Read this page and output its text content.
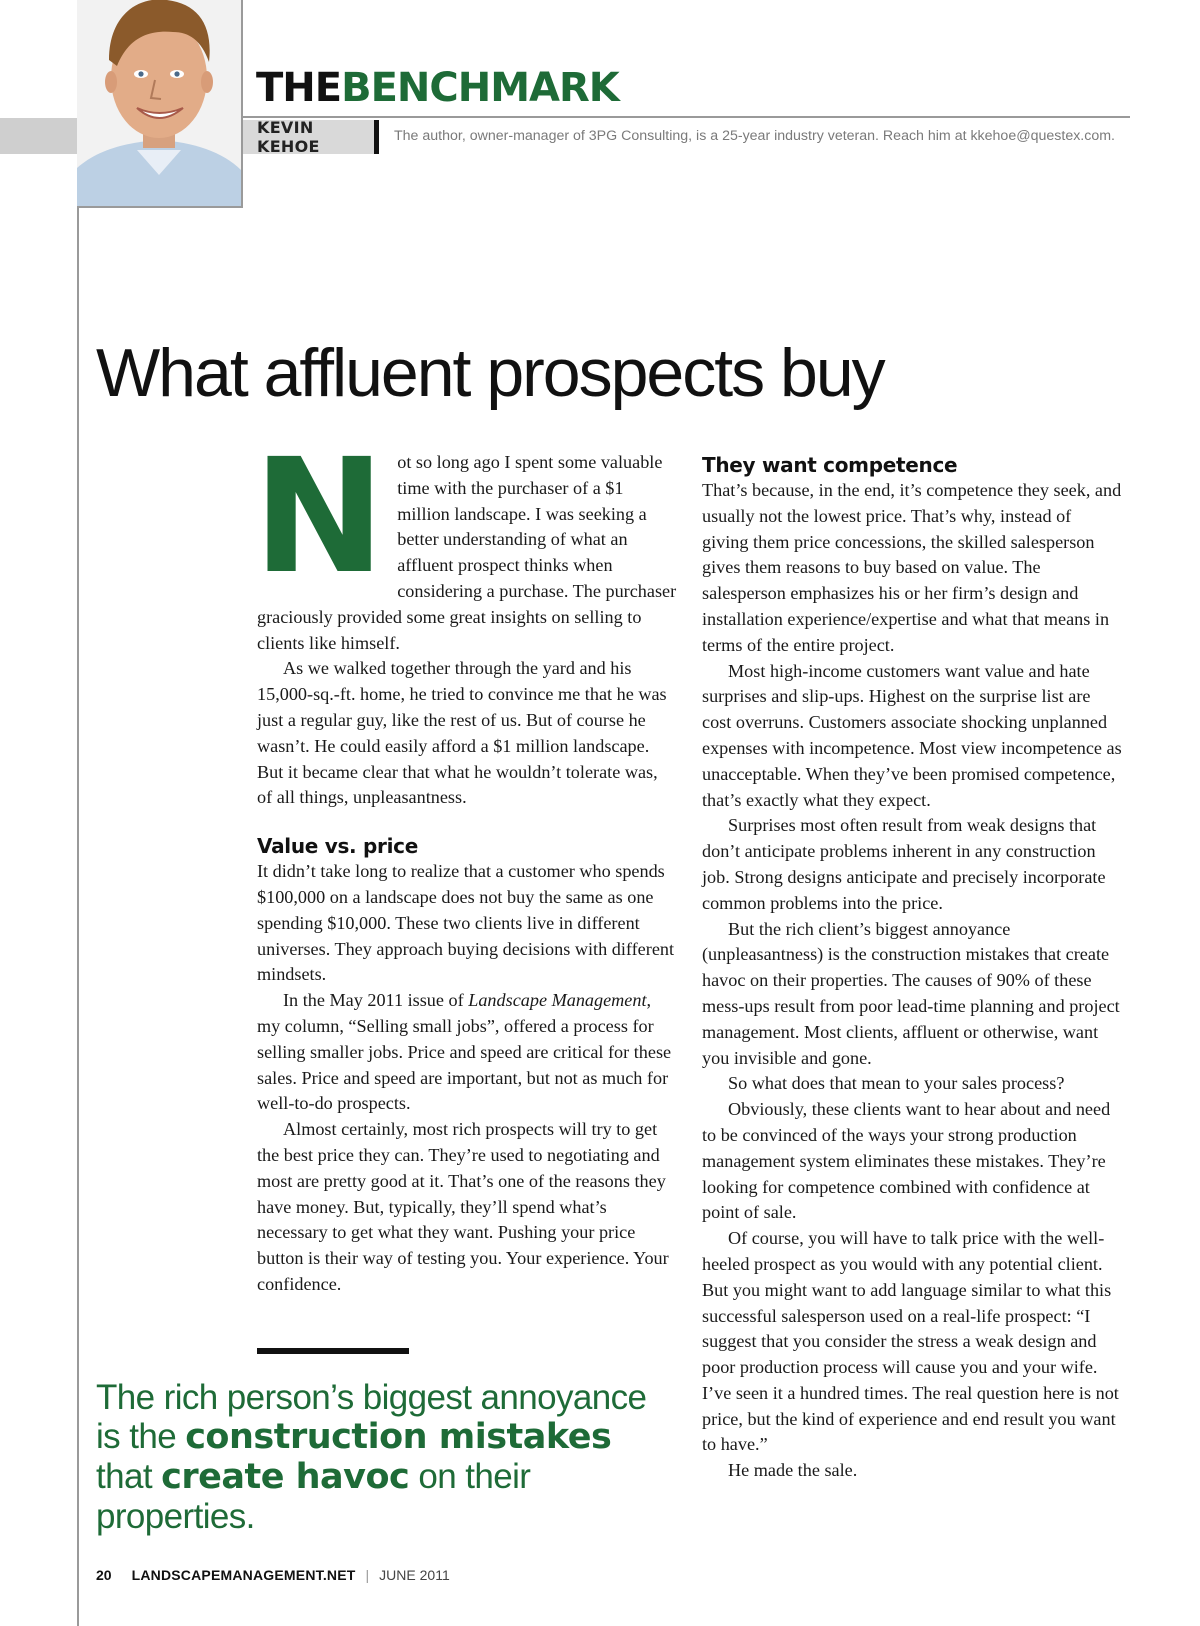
THEBENCHMARK
KEVIN KEHOE
The author, owner-manager of 3PG Consulting, is a 25-year industry veteran. Reach him at kkehoe@questex.com.
What affluent prospects buy
N ot so long ago I spent some valuable time with the purchaser of a $1 million landscape. I was seeking a better understanding of what an affluent prospect thinks when considering a purchase. The purchaser graciously provided some great insights on selling to clients like himself.

As we walked together through the yard and his 15,000-sq.-ft. home, he tried to convince me that he was just a regular guy, like the rest of us. But of course he wasn’t. He could easily afford a $1 million landscape. But it became clear that what he wouldn’t tolerate was, of all things, unpleasantness.

Value vs. price

It didn’t take long to realize that a customer who spends $100,000 on a landscape does not buy the same as one spending $10,000. These two clients live in different universes. They approach buying decisions with different mindsets.

In the May 2011 issue of Landscape Management, my column, “Selling small jobs”, offered a process for selling smaller jobs. Price and speed are critical for these sales. Price and speed are important, but not as much for well-to-do prospects.

Almost certainly, most rich prospects will try to get the best price they can. They’re used to negotiating and most are pretty good at it. That’s one of the reasons they have money. But, typically, they’ll spend what’s necessary to get what they want. Pushing your price button is their way of testing you. Your experience. Your confidence.

They want competence

That’s because, in the end, it’s competence they seek, and usually not the lowest price. That’s why, instead of giving them price concessions, the skilled salesperson gives them reasons to buy based on value. The salesperson emphasizes his or her firm’s design and installation experience/expertise and what that means in terms of the entire project.

Most high-income customers want value and hate surprises and slip-ups. Highest on the surprise list are cost overruns. Customers associate shocking unplanned expenses with incompetence. Most view incompetence as unacceptable. When they’ve been promised competence, that’s exactly what they expect.

Surprises most often result from weak designs that don’t anticipate problems inherent in any construction job. Strong designs anticipate and precisely incorporate common problems into the price.

But the rich client’s biggest annoyance (unpleasantness) is the construction mistakes that create havoc on their properties. The causes of 90% of these mess-ups result from poor lead-time planning and project management. Most clients, affluent or otherwise, want you invisible and gone.

So what does that mean to your sales process?

Obviously, these clients want to hear about and need to be convinced of the ways your strong production management system eliminates these mistakes. They’re looking for competence combined with confidence at point of sale.

Of course, you will have to talk price with the well-heeled prospect as you would with any potential client. But you might want to add language similar to what this successful salesperson used on a real-life prospect: “I suggest that you consider the stress a weak design and poor production process will cause you and your wife. I’ve seen it a hundred times. The real question here is not price, but the kind of experience and end result you want to have.”

He made the sale.

The rich person’s biggest annoyance is the construction mistakes that create havoc on their properties.

20 LANDSCAPEMANAGEMENT.NET | JUNE 2011
